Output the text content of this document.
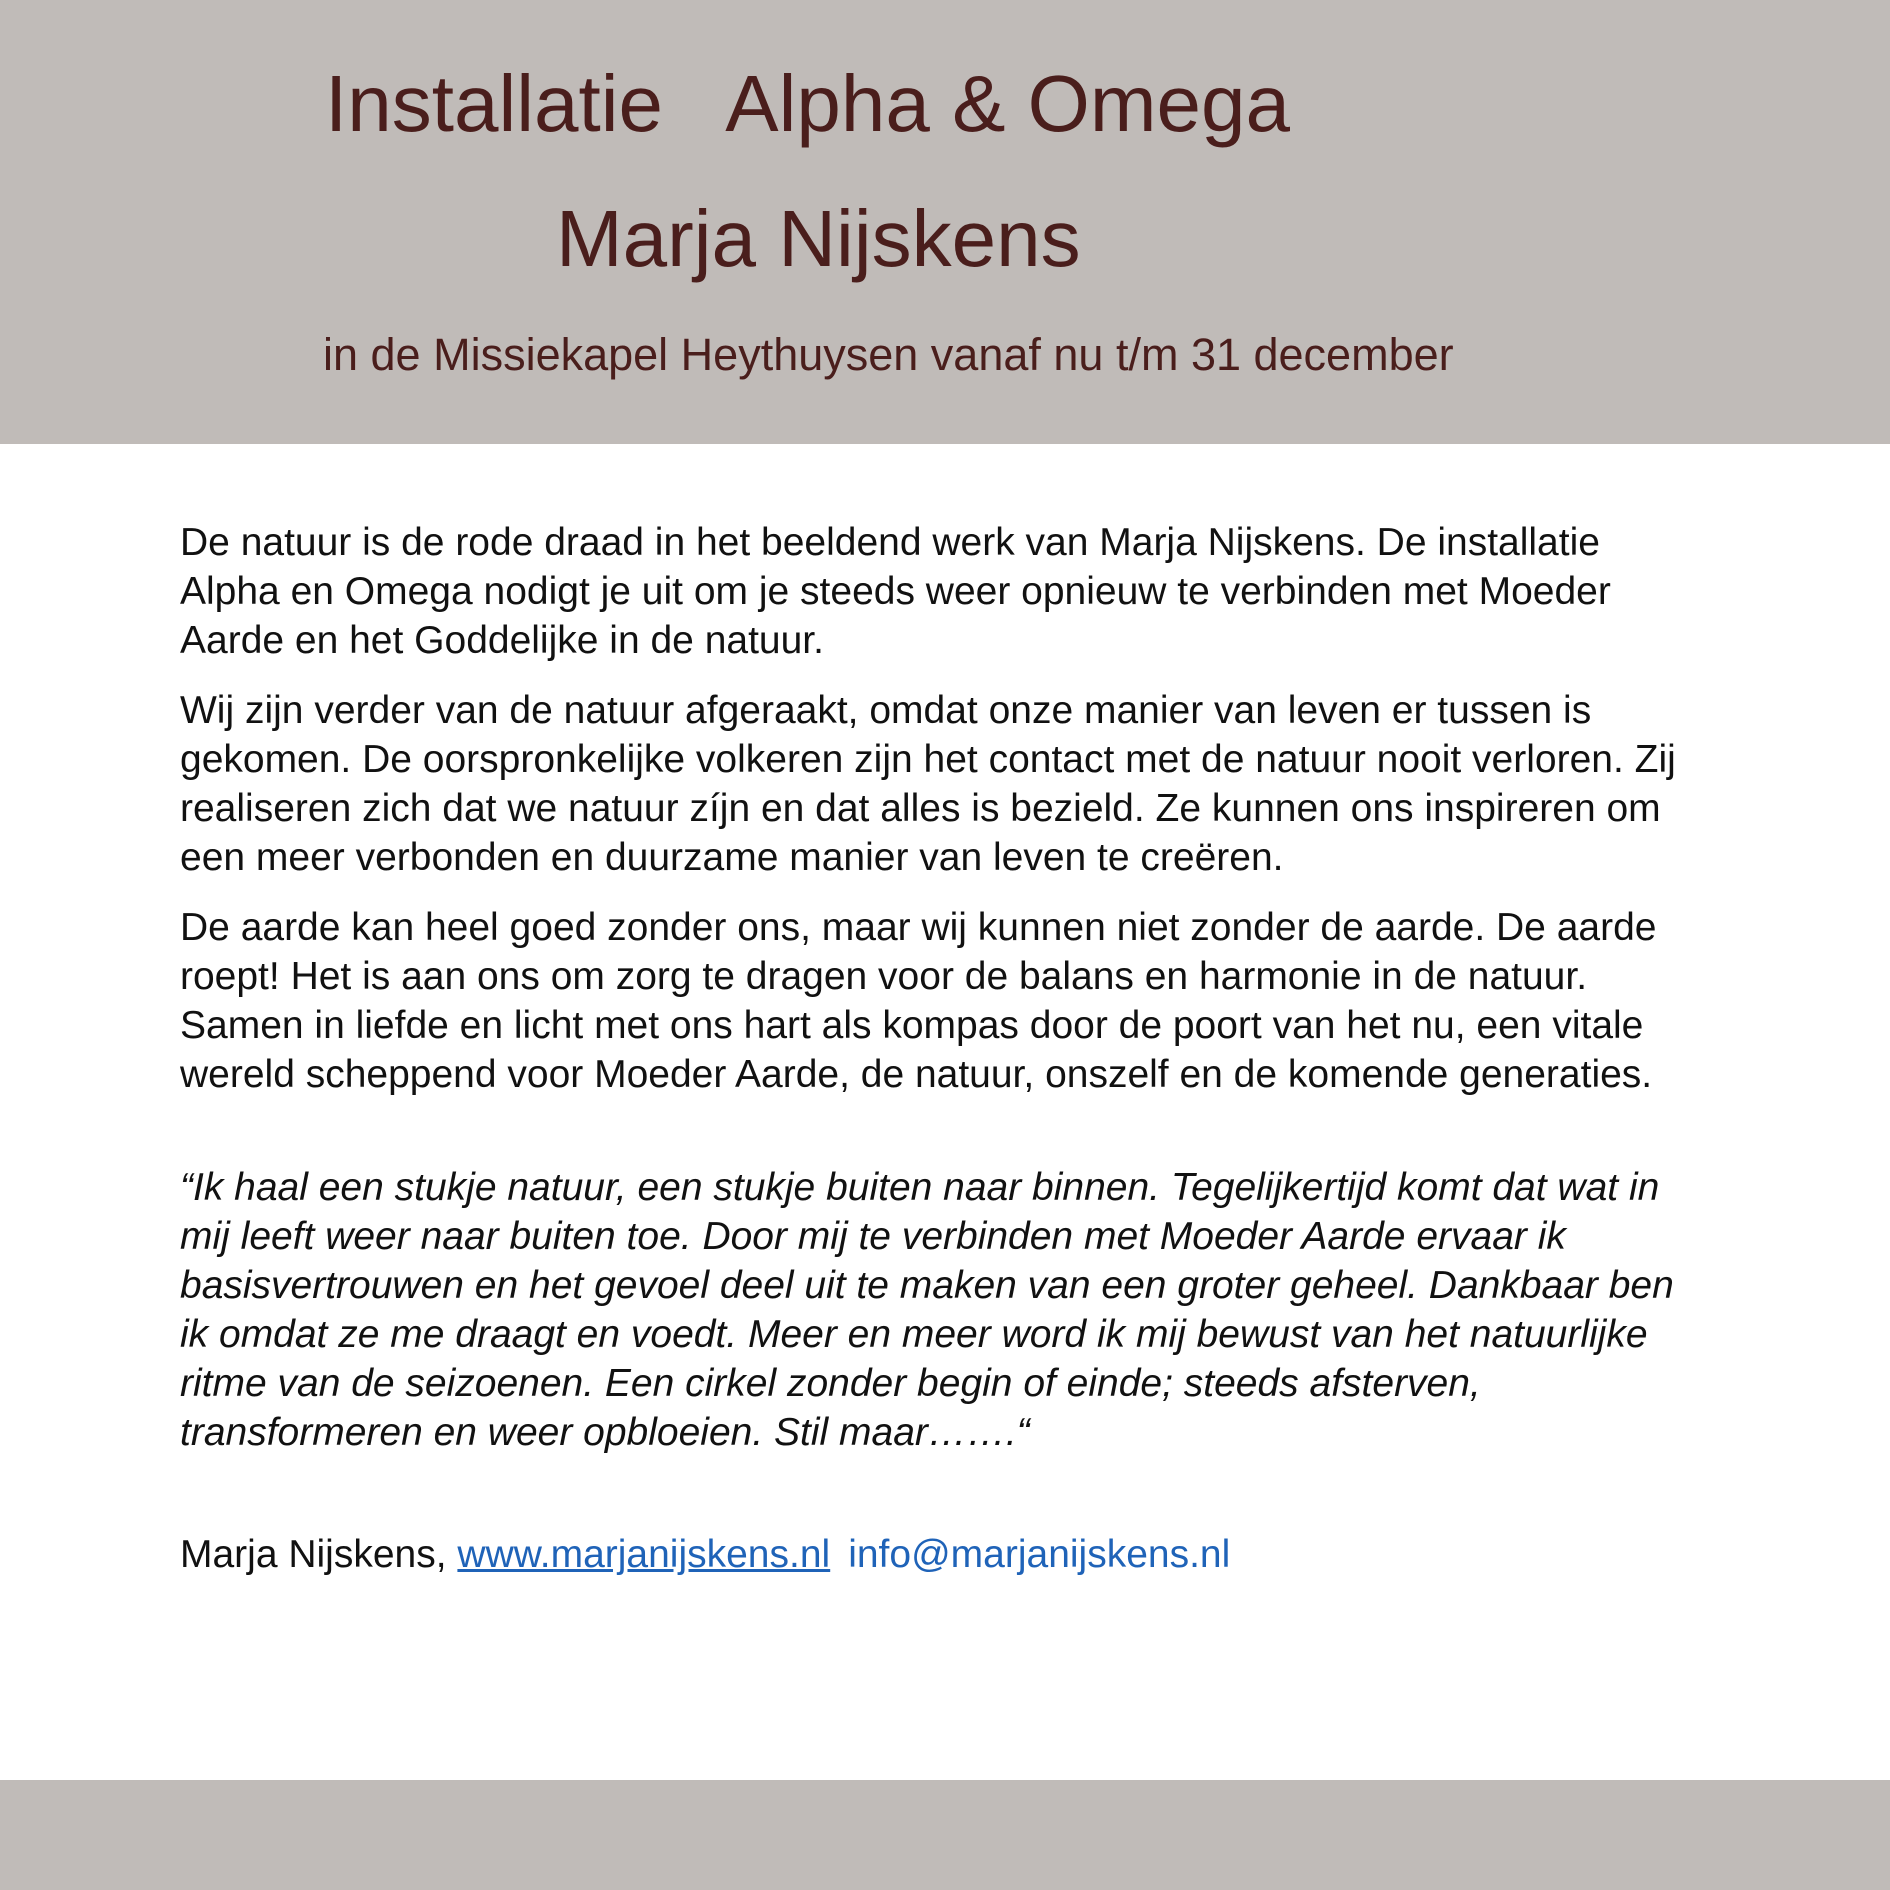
Installatie   Alpha & Omega
Marja Nijskens
in de Missiekapel Heythuysen vanaf nu t/m 31 december

De natuur is de rode draad in het beeldend werk van Marja Nijskens. De installatie Alpha en Omega nodigt je uit om je steeds weer opnieuw te verbinden met Moeder Aarde en het Goddelijke in de natuur.

Wij zijn verder van de natuur afgeraakt, omdat onze manier van leven er tussen is gekomen. De oorspronkelijke volkeren zijn het contact met de natuur nooit verloren. Zij realiseren zich dat we natuur zíjn en dat alles is bezield. Ze kunnen ons inspireren om een meer verbonden en duurzame manier van leven te creëren.

De aarde kan heel goed zonder ons, maar wij kunnen niet zonder de aarde. De aarde roept! Het is aan ons om zorg te dragen voor de balans en harmonie in de natuur. Samen in liefde en licht met ons hart als kompas door de poort van het nu, een vitale wereld scheppend voor Moeder Aarde, de natuur, onszelf en de komende generaties.

“Ik haal een stukje natuur, een stukje buiten naar binnen. Tegelijkertijd komt dat wat in mij leeft weer naar buiten toe. Door mij te verbinden met Moeder Aarde ervaar ik basisvertrouwen en het gevoel deel uit te maken van een groter geheel. Dankbaar ben ik omdat ze me draagt en voedt. Meer en meer word ik mij bewust van het natuurlijke ritme van de seizoenen. Een cirkel zonder begin of einde; steeds afsterven, transformeren en weer opbloeien. Stil maar…….“

Marja Nijskens, www.marjanijskens.nl info@marjanijskens.nl
